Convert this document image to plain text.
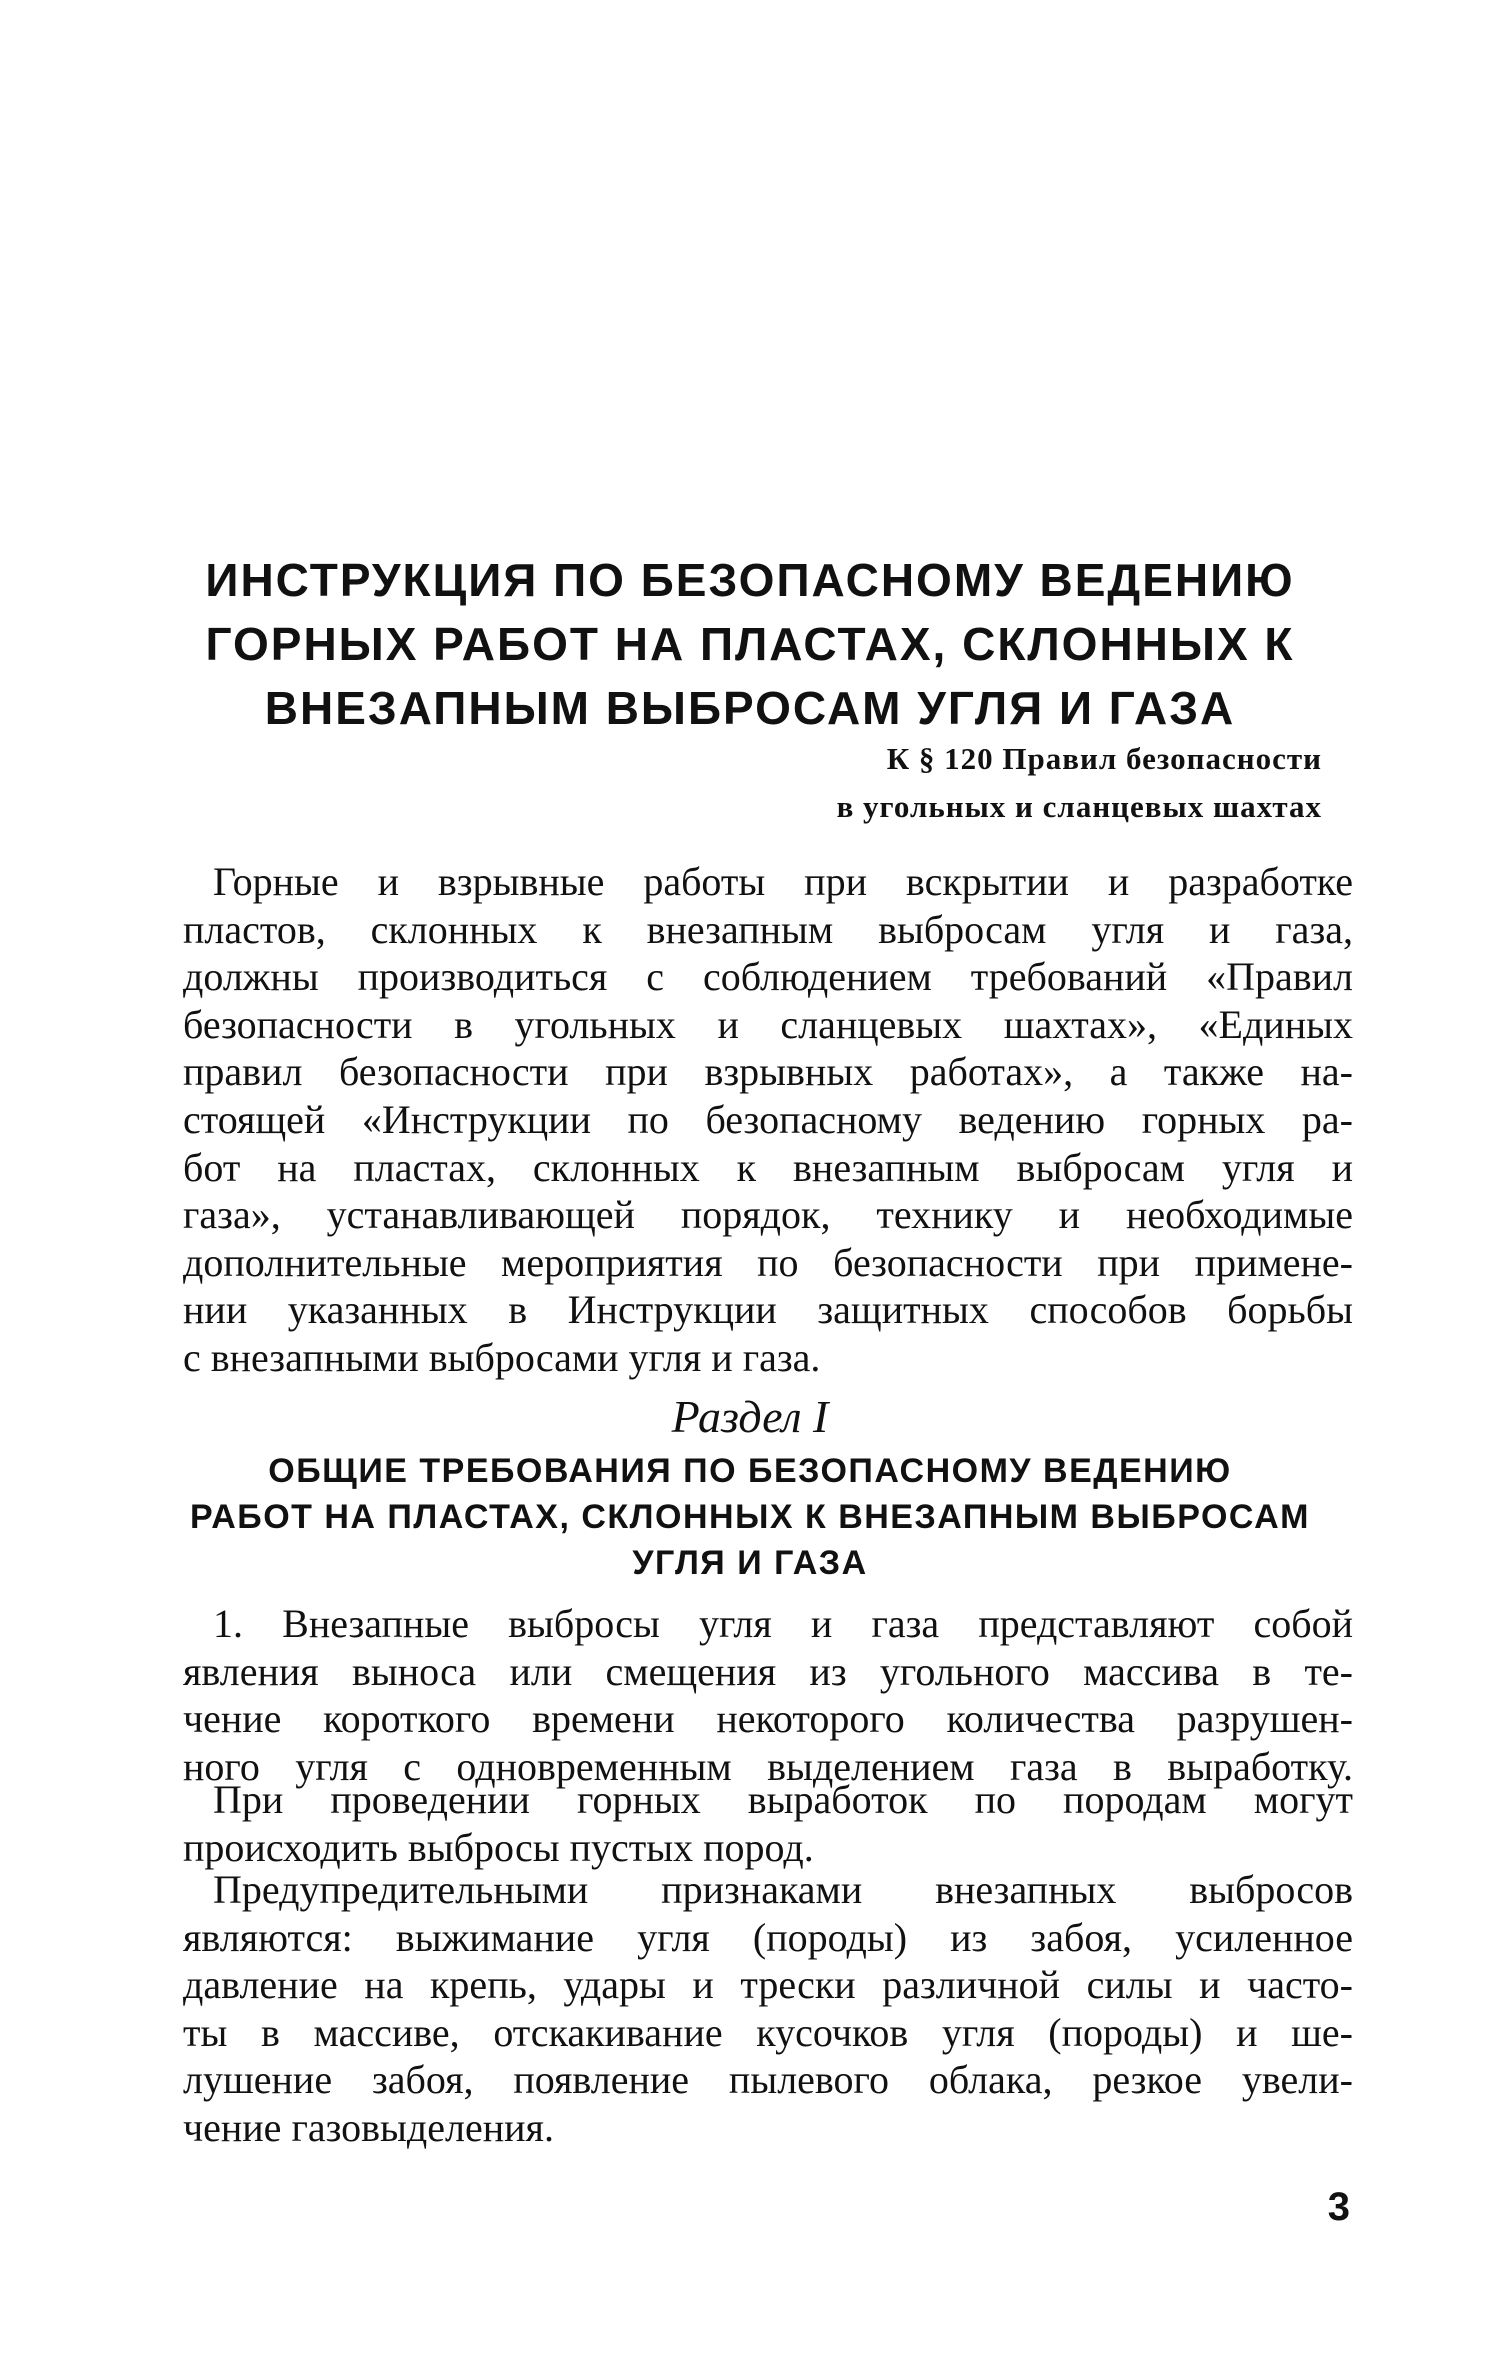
ИНСТРУКЦИЯ ПО БЕЗОПАСНОМУ ВЕДЕНИЮ
ГОРНЫХ РАБОТ НА ПЛАСТАХ, СКЛОННЫХ К
ВНЕЗАПНЫМ ВЫБРОСАМ УГЛЯ И ГАЗА
К § 120 Правил безопасности
в угольных и сланцевых шахтах
Горные и взрывные работы при вскрытии и разработке
пластов, склонных к внезапным выбросам угля и газа,
должны производиться с соблюдением требований «Правил
безопасности в угольных и сланцевых шахтах», «Единых
правил безопасности при взрывных работах», а также на-
стоящей «Инструкции по безопасному ведению горных ра-
бот на пластах, склонных к внезапным выбросам угля и
газа», устанавливающей порядок, технику и необходимые
дополнительные мероприятия по безопасности при примене-
нии указанных в Инструкции защитных способов борьбы
с внезапными выбросами угля и газа.
Раздел I
ОБЩИЕ ТРЕБОВАНИЯ ПО БЕЗОПАСНОМУ ВЕДЕНИЮ
РАБОТ НА ПЛАСТАХ, СКЛОННЫХ К ВНЕЗАПНЫМ ВЫБРОСАМ
УГЛЯ И ГАЗА
1. Внезапные выбросы угля и газа представляют собой
явления выноса или смещения из угольного массива в те-
чение короткого времени некоторого количества разрушен-
ного угля с одновременным выделением газа в выработку.
При проведении горных выработок по породам могут
происходить выбросы пустых пород.
Предупредительными признаками внезапных выбросов
являются: выжимание угля (породы) из забоя, усиленное
давление на крепь, удары и трески различной силы и часто-
ты в массиве, отскакивание кусочков угля (породы) и ше-
лушение забоя, появление пылевого облака, резкое увели-
чение газовыделения.
3
